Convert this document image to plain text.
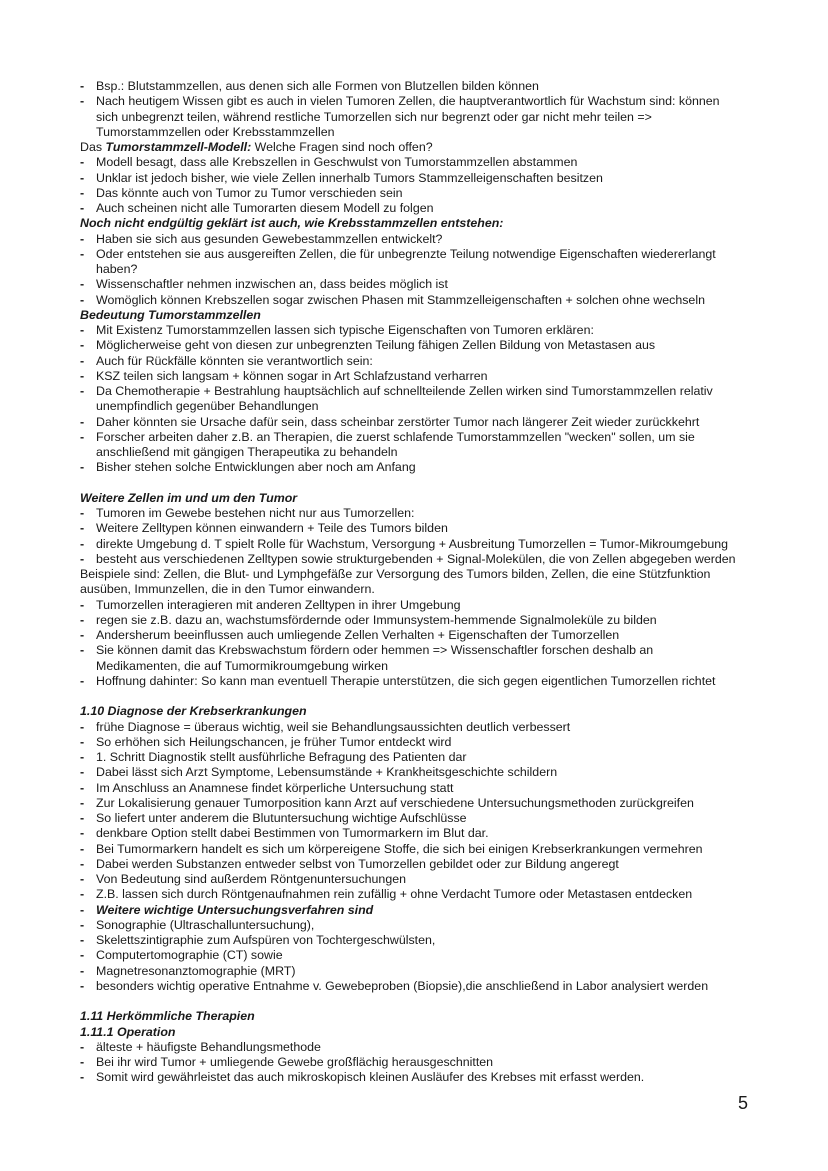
- Bsp.: Blutstammzellen, aus denen sich alle Formen von Blutzellen bilden können
- Nach heutigem Wissen gibt es auch in vielen Tumoren Zellen, die hauptverantwortlich für Wachstum sind: können sich unbegrenzt teilen, während restliche Tumorzellen sich nur begrenzt oder gar nicht mehr teilen => Tumorstammzellen oder Krebsstammzellen
Das Tumorstammzell-Modell: Welche Fragen sind noch offen?
- Modell besagt, dass alle Krebszellen in Geschwulst von Tumorstammzellen abstammen
- Unklar ist jedoch bisher, wie viele Zellen innerhalb Tumors Stammzelleigenschaften besitzen
- Das könnte auch von Tumor zu Tumor verschieden sein
- Auch scheinen nicht alle Tumorarten diesem Modell zu folgen
Noch nicht endgültig geklärt ist auch, wie Krebsstammzellen entstehen:
- Haben sie sich aus gesunden Gewebestammzellen entwickelt?
- Oder entstehen sie aus ausgereiften Zellen, die für unbegrenzte Teilung notwendige Eigenschaften wiedererlangt haben?
- Wissenschaftler nehmen inzwischen an, dass beides möglich ist
- Womöglich können Krebszellen sogar zwischen Phasen mit Stammzelleigenschaften + solchen ohne wechseln
Bedeutung Tumorstammzellen
- Mit Existenz Tumorstammzellen lassen sich typische Eigenschaften von Tumoren erklären:
- Möglicherweise geht von diesen zur unbegrenzten Teilung fähigen Zellen Bildung von Metastasen aus
- Auch für Rückfälle könnten sie verantwortlich sein:
- KSZ teilen sich langsam + können sogar in Art Schlafzustand verharren
- Da Chemotherapie + Bestrahlung hauptsächlich auf schnellteilende Zellen wirken sind Tumorstammzellen relativ unempfindlich gegenüber Behandlungen
- Daher könnten sie Ursache dafür sein, dass scheinbar zerstörter Tumor nach längerer Zeit wieder zurückkehrt
- Forscher arbeiten daher z.B. an Therapien, die zuerst schlafende Tumorstammzellen "wecken" sollen, um sie anschließend mit gängigen Therapeutika zu behandeln
- Bisher stehen solche Entwicklungen aber noch am Anfang
Weitere Zellen im und um den Tumor
- Tumoren im Gewebe bestehen nicht nur aus Tumorzellen:
- Weitere Zelltypen können einwandern + Teile des Tumors bilden
- direkte Umgebung d. T spielt Rolle für Wachstum, Versorgung + Ausbreitung Tumorzellen = Tumor-Mikroumgebung
- besteht aus verschiedenen Zelltypen sowie strukturgebenden + Signal-Molekülen, die von Zellen abgegeben werden
Beispiele sind: Zellen, die Blut- und Lymphgefäße zur Versorgung des Tumors bilden, Zellen, die eine Stützfunktion ausüben, Immunzellen, die in den Tumor einwandern.
- Tumorzellen interagieren mit anderen Zelltypen in ihrer Umgebung
- regen sie z.B. dazu an, wachstumsfördernde oder Immunsystem-hemmende Signalmoleküle zu bilden
- Andersherum beeinflussen auch umliegende Zellen Verhalten + Eigenschaften der Tumorzellen
- Sie können damit das Krebswachstum fördern oder hemmen => Wissenschaftler forschen deshalb an Medikamenten, die auf Tumormikroumgebung wirken
- Hoffnung dahinter: So kann man eventuell Therapie unterstützen, die sich gegen eigentlichen Tumorzellen richtet
1.10 Diagnose der Krebserkrankungen
- frühe Diagnose = überaus wichtig, weil sie Behandlungsaussichten deutlich verbessert
- So erhöhen sich Heilungschancen, je früher Tumor entdeckt wird
- 1. Schritt Diagnostik stellt ausführliche Befragung des Patienten dar
- Dabei lässt sich Arzt Symptome, Lebensumstände + Krankheitsgeschichte schildern
- Im Anschluss an Anamnese findet körperliche Untersuchung statt
- Zur Lokalisierung genauer Tumorposition kann Arzt auf verschiedene Untersuchungsmethoden zurückgreifen
- So liefert unter anderem die Blutuntersuchung wichtige Aufschlüsse
- denkbare Option stellt dabei Bestimmen von Tumormarkern im Blut dar.
- Bei Tumormarkern handelt es sich um körpereigene Stoffe, die sich bei einigen Krebserkrankungen vermehren
- Dabei werden Substanzen entweder selbst von Tumorzellen gebildet oder zur Bildung angeregt
- Von Bedeutung sind außerdem Röntgenuntersuchungen
- Z.B. lassen sich durch Röntgenaufnahmen rein zufällig + ohne Verdacht Tumore oder Metastasen entdecken
- Weitere wichtige Untersuchungsverfahren sind
- Sonographie (Ultraschalluntersuchung),
- Skelettszintigraphie zum Aufspüren von Tochtergeschwülsten,
- Computertomographie (CT) sowie
- Magnetresonanztomographie (MRT)
- besonders wichtig operative Entnahme v. Gewebeproben (Biopsie),die anschließend in Labor analysiert werden
1.11 Herkömmliche Therapien
1.11.1 Operation
- älteste + häufigste Behandlungsmethode
- Bei ihr wird Tumor + umliegende Gewebe großflächig herausgeschnitten
- Somit wird gewährleistet das auch mikroskopisch kleinen Ausläufer des Krebses mit erfasst werden.
5
